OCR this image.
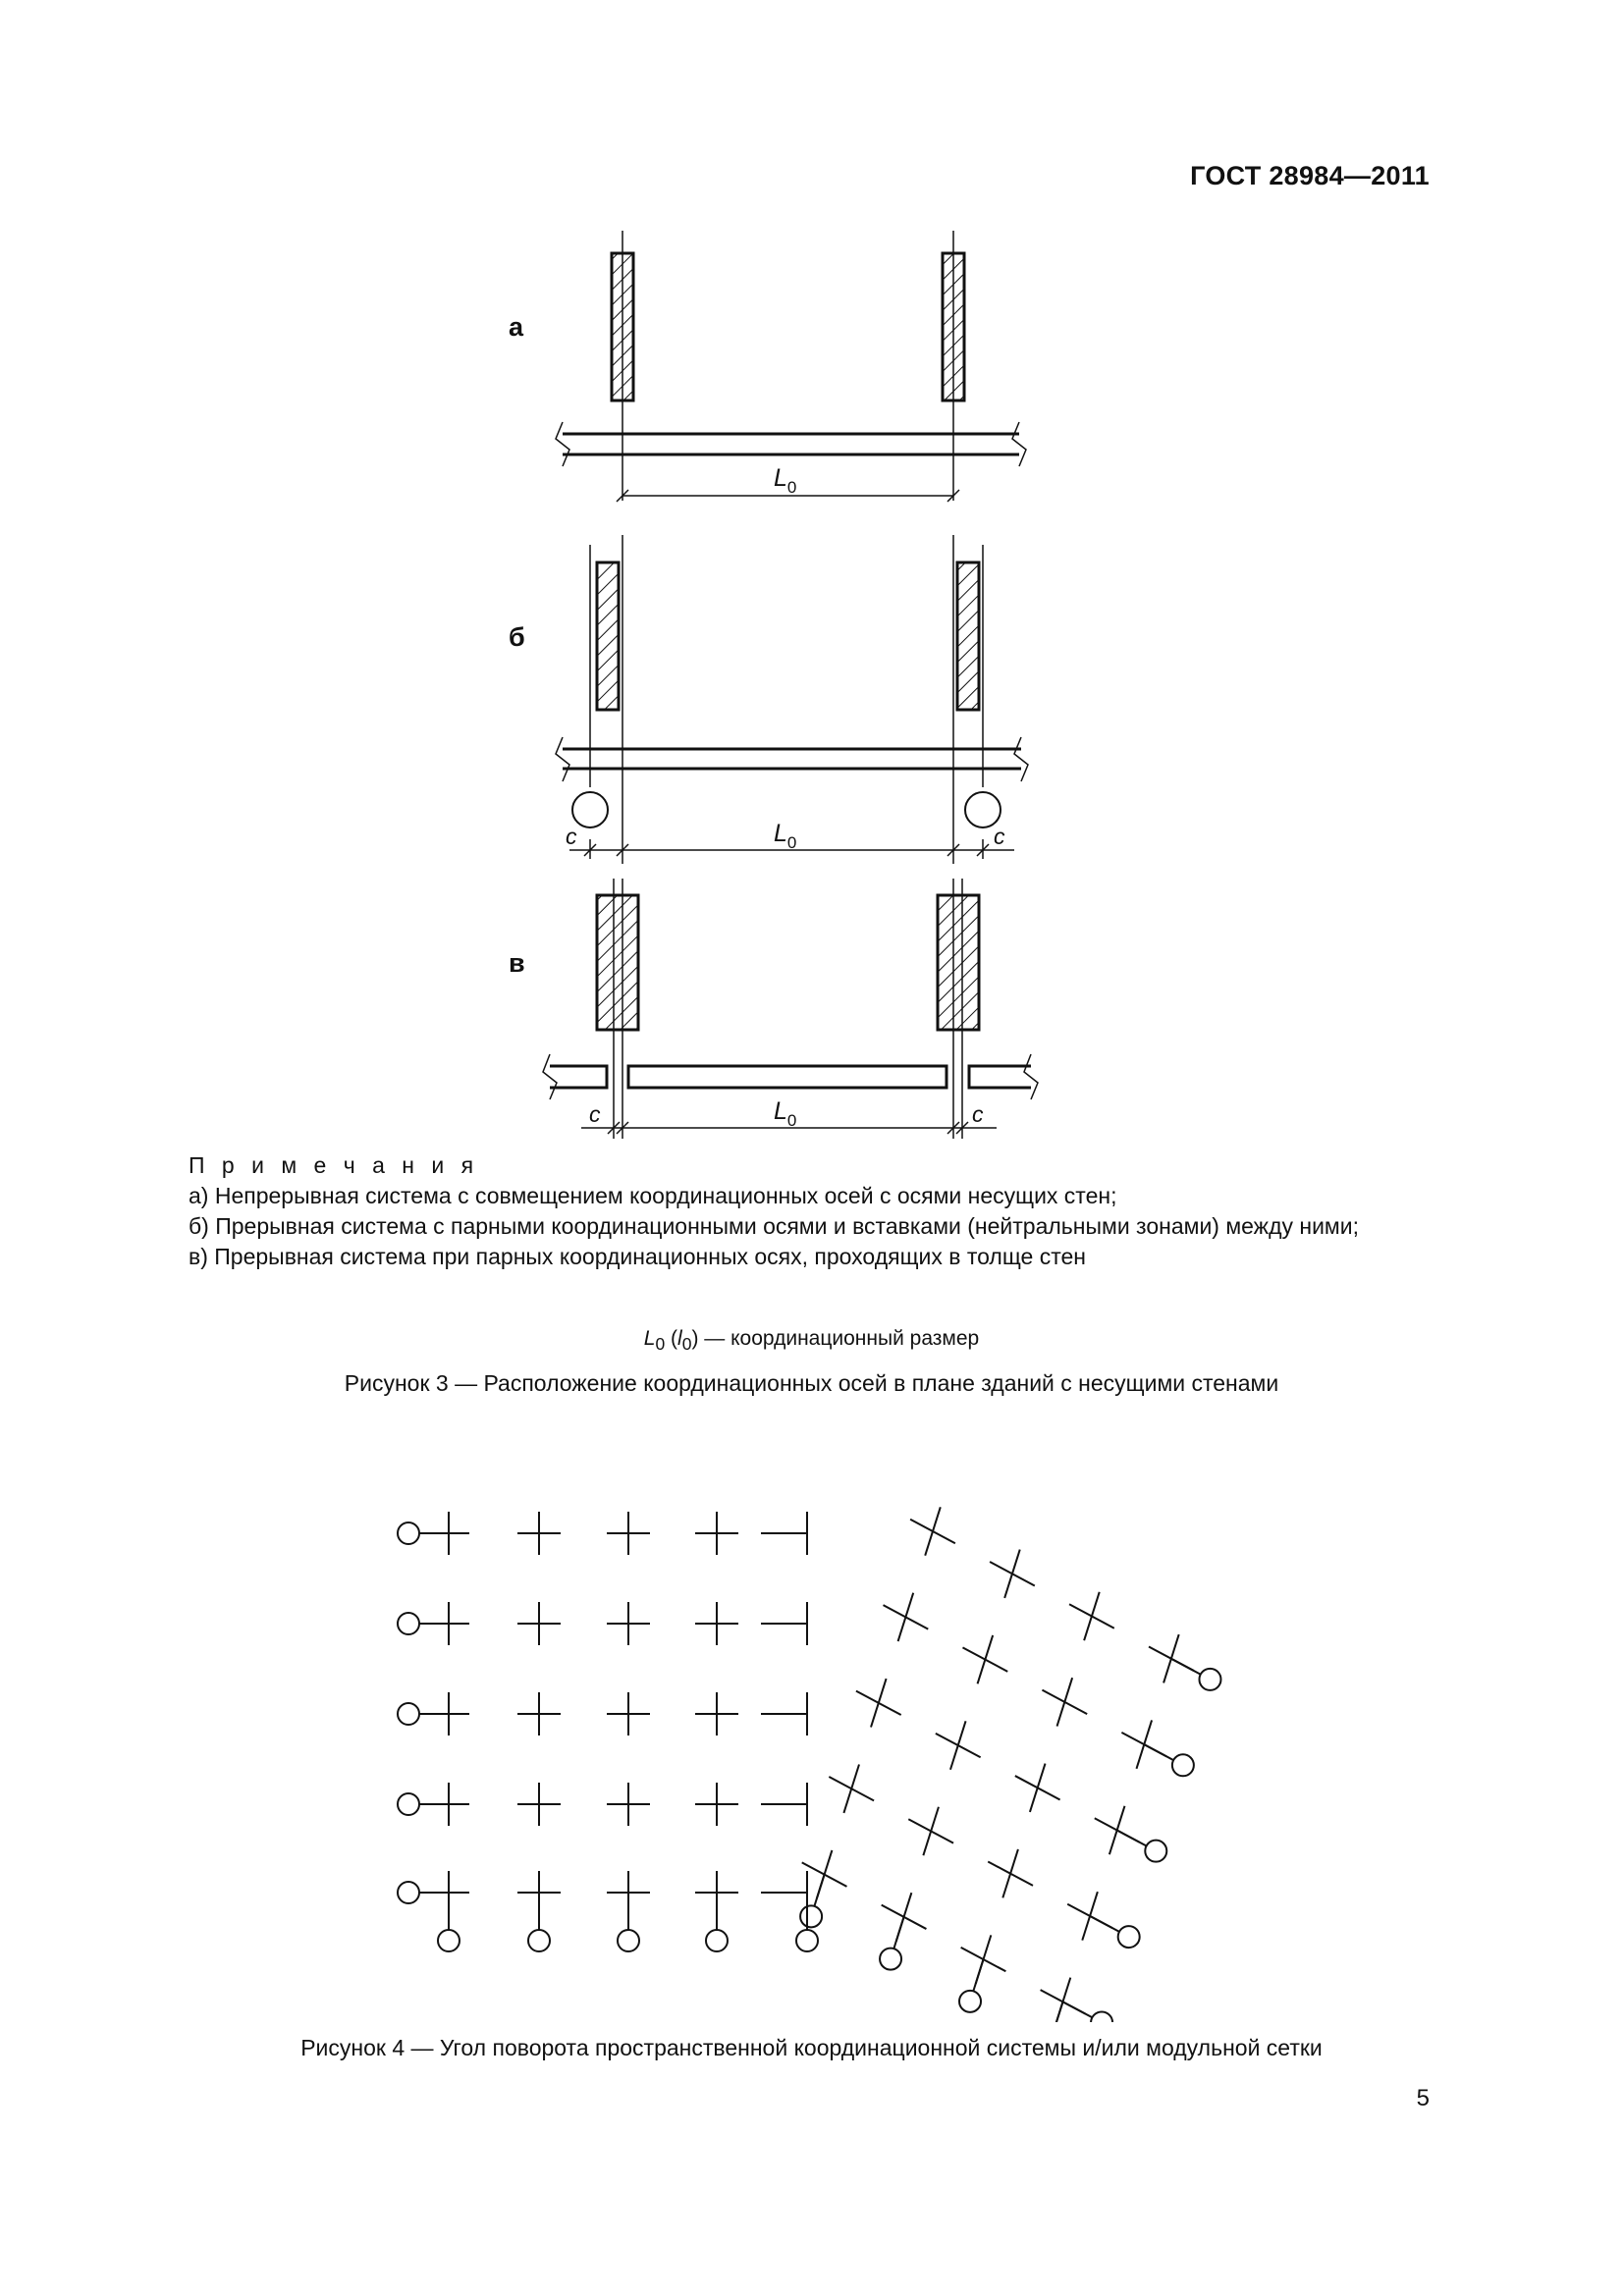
ГОСТ 28984—2011
а
б
в
$L_0$
$L_0$
$L_0$
с	с
с	с
П р и м е ч а н и я
а) Непрерывная система с совмещением координационных осей с осями несущих стен;
б) Прерывная система с парными координационными осями и вставками (нейтральными зонами) между ними;
в) Прерывная система при парных координационных осях, проходящих в толще стен
$L_0$ $(l_0)$ — координационный размер
Рисунок 3 — Расположение координационных осей в плане зданий с несущими стенами
Рисунок 4 — Угол поворота пространственной координационной системы и/или модульной сетки
5
